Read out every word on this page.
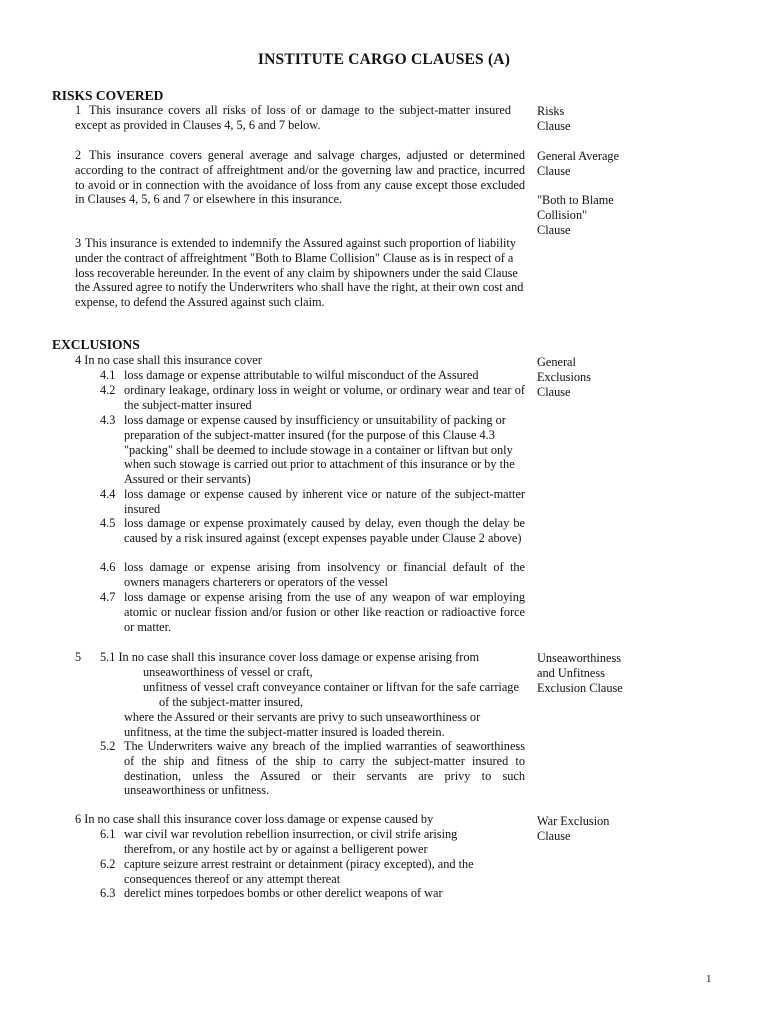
INSTITUTE CARGO CLAUSES (A)
RISKS COVERED
1 This insurance covers all risks of loss of or damage to the subject-matter insured except as provided in Clauses 4, 5, 6 and 7 below.
Risks
Clause
2 This insurance covers general average and salvage charges, adjusted or determined according to the contract of affreightment and/or the governing law and practice, incurred to avoid or in connection with the avoidance of loss from any cause except those excluded in Clauses 4, 5, 6 and 7 or elsewhere in this insurance.
General Average
Clause
"Both to Blame
Collision"
Clause
3 This insurance is extended to indemnify the Assured against such proportion of liability under the contract of affreightment "Both to Blame Collision" Clause as is in respect of a loss recoverable hereunder. In the event of any claim by shipowners under the said Clause the Assured agree to notify the Underwriters who shall have the right, at their own cost and expense, to defend the Assured against such claim.
EXCLUSIONS
4 In no case shall this insurance cover	General
Exclusions
Clause
4.1 loss damage or expense attributable to wilful misconduct of the Assured
4.2 ordinary leakage, ordinary loss in weight or volume, or ordinary wear and tear of the subject-matter insured
4.3 loss damage or expense caused by insufficiency or unsuitability of packing or preparation of the subject-matter insured (for the purpose of this Clause 4.3 "packing" shall be deemed to include stowage in a container or liftvan but only when such stowage is carried out prior to attachment of this insurance or by the Assured or their servants)
4.4 loss damage or expense caused by inherent vice or nature of the subject-matter insured
4.5 loss damage or expense proximately caused by delay, even though the delay be caused by a risk insured against (except expenses payable under Clause 2 above)
4.6 loss damage or expense arising from insolvency or financial default of the owners managers charterers or operators of the vessel
4.7 loss damage or expense arising from the use of any weapon of war employing atomic or nuclear fission and/or fusion or other like reaction or radioactive force or matter.
5 5.1 In no case shall this insurance cover loss damage or expense arising from
unseaworthiness of vessel or craft,
unfitness of vessel craft conveyance container or liftvan for the safe carriage of the subject-matter insured,
where the Assured or their servants are privy to such unseaworthiness or unfitness, at the time the subject-matter insured is loaded therein.
5.2 The Underwriters waive any breach of the implied warranties of seaworthiness of the ship and fitness of the ship to carry the subject-matter insured to destination, unless the Assured or their servants are privy to such unseaworthiness or unfitness.
Unseaworthiness
and Unfitness
Exclusion Clause
6 In no case shall this insurance cover loss damage or expense caused by	War Exclusion
Clause
6.1 war civil war revolution rebellion insurrection, or civil strife arising therefrom, or any hostile act by or against a belligerent power
6.2 capture seizure arrest restraint or detainment (piracy excepted), and the consequences thereof or any attempt thereat
6.3 derelict mines torpedoes bombs or other derelict weapons of war
1
